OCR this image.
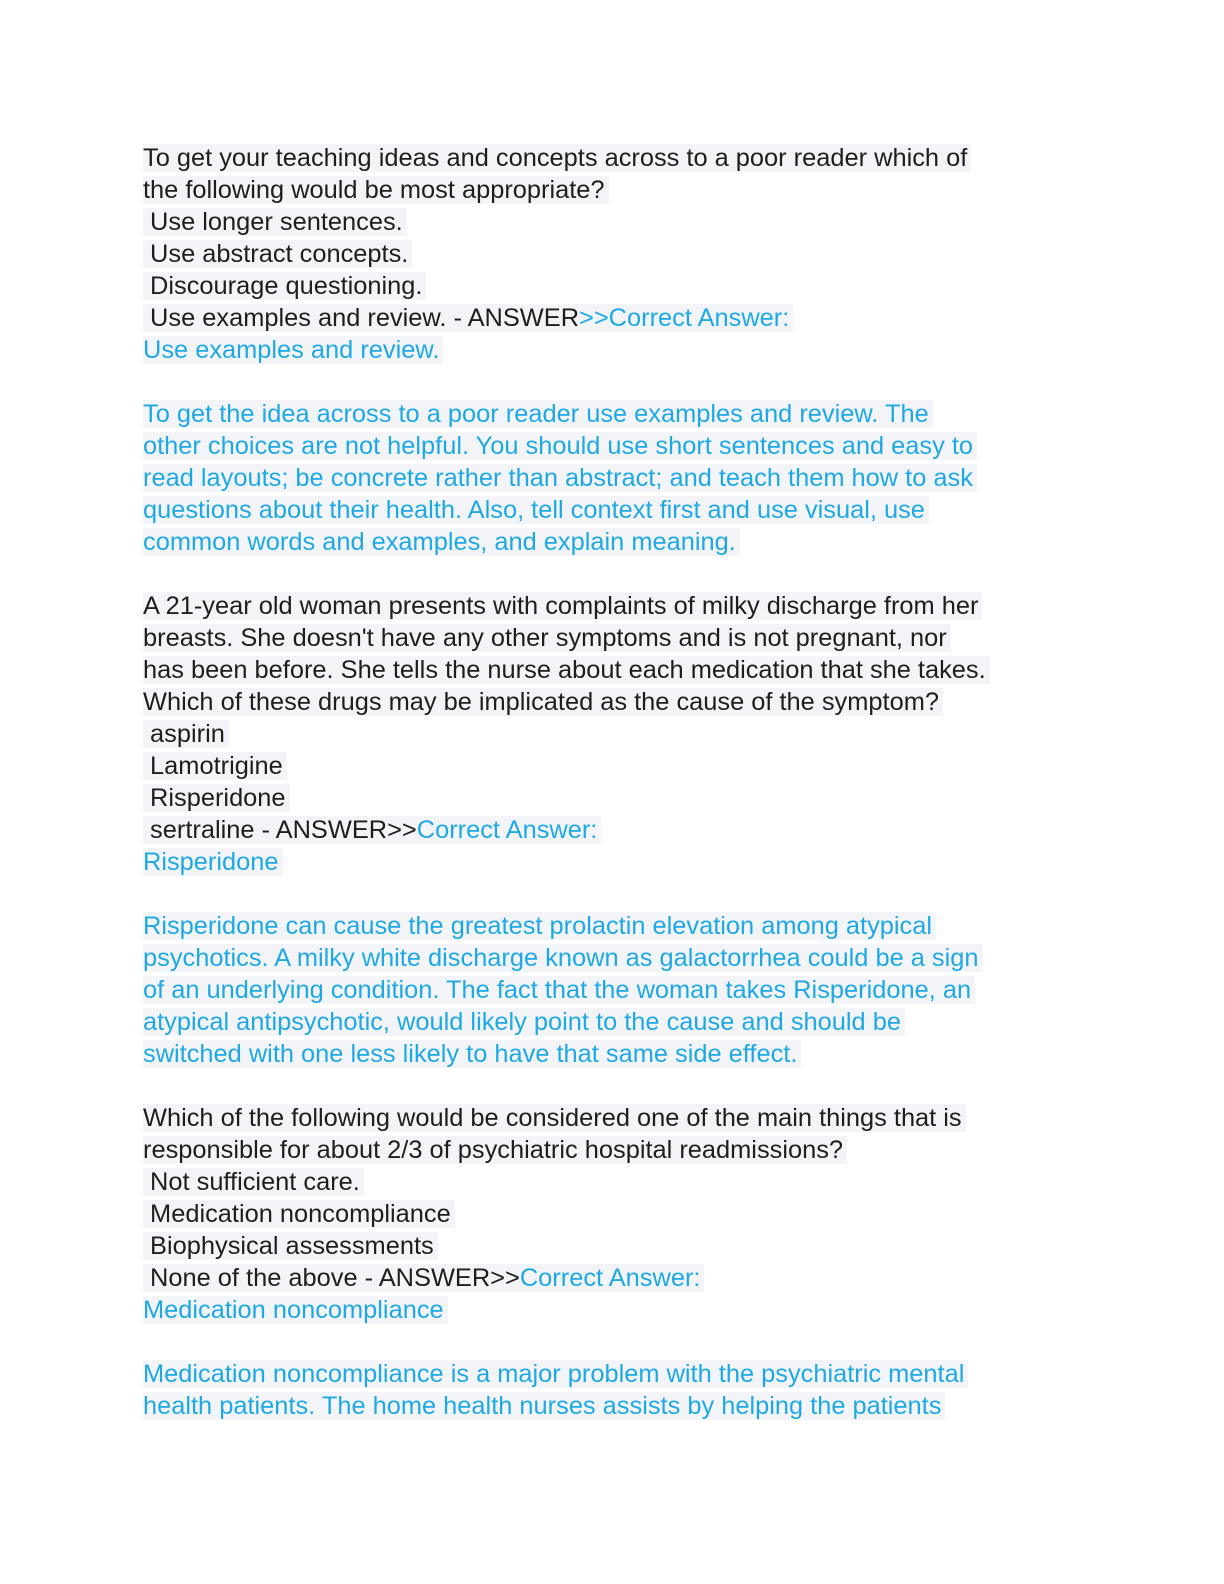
To get your teaching ideas and concepts across to a poor reader which of
the following would be most appropriate?
Use longer sentences.
Use abstract concepts.
Discourage questioning.
Use examples and review. - ANSWER>>Correct Answer:
Use examples and review.
To get the idea across to a poor reader use examples and review. The
other choices are not helpful. You should use short sentences and easy to
read layouts; be concrete rather than abstract; and teach them how to ask
questions about their health. Also, tell context first and use visual, use
common words and examples, and explain meaning.
A 21-year old woman presents with complaints of milky discharge from her
breasts. She doesn't have any other symptoms and is not pregnant, nor
has been before. She tells the nurse about each medication that she takes.
Which of these drugs may be implicated as the cause of the symptom?
aspirin
Lamotrigine
Risperidone
sertraline - ANSWER>>Correct Answer:
Risperidone
Risperidone can cause the greatest prolactin elevation among atypical
psychotics. A milky white discharge known as galactorrhea could be a sign
of an underlying condition. The fact that the woman takes Risperidone, an
atypical antipsychotic, would likely point to the cause and should be
switched with one less likely to have that same side effect.
Which of the following would be considered one of the main things that is
responsible for about 2/3 of psychiatric hospital readmissions?
Not sufficient care.
Medication noncompliance
Biophysical assessments
None of the above - ANSWER>>Correct Answer:
Medication noncompliance
Medication noncompliance is a major problem with the psychiatric mental
health patients. The home health nurses assists by helping the patients
